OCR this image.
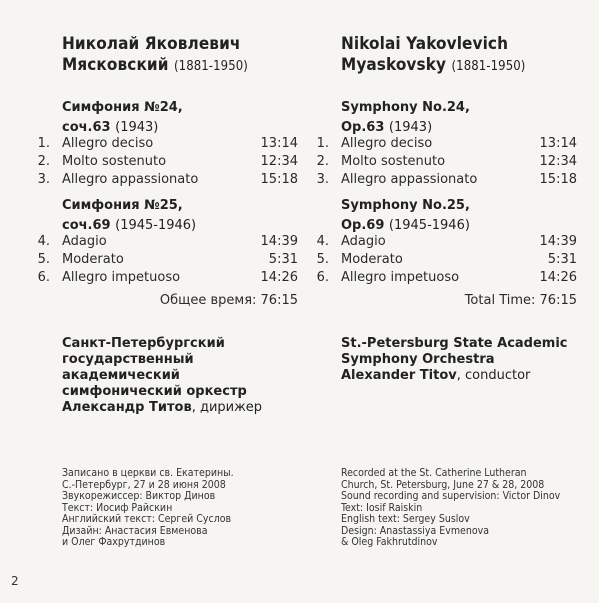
Николай Яковлевич
Мясковский (1881-1950)
Симфония №24,
соч.63 (1943)
1. Allegro deciso	13:14
2. Molto sostenuto	12:34
3. Allegro appassionato	15:18
Симфония №25,
соч.69 (1945-1946)
4. Adagio	14:39
5. Moderato	5:31
6. Allegro impetuoso	14:26
Общее время: 76:15
Санкт-Петербургский
государственный академический
симфонический оркестр
Александр Титов, дирижер
Записано в церкви св. Екатерины.
С.-Петербург, 27 и 28 июня 2008
Звукорежиссер: Виктор Динов
Текст: Иосиф Райскин
Английский текст: Сергей Суслов
Дизайн: Анастасия Евменова
и Олег Фахрутдинов
Nikolai Yakovlevich
Myaskovsky (1881-1950)
Symphony No.24,
Op.63 (1943)
1. Allegro deciso	13:14
2. Molto sostenuto	12:34
3. Allegro appassionato	15:18
Symphony No.25,
Op.69 (1945-1946)
4. Adagio	14:39
5. Moderato	5:31
6. Allegro impetuoso	14:26
Total Time: 76:15
St.-Petersburg State Academic
Symphony Orchestra
Alexander Titov, conductor
Recorded at the St. Catherine Lutheran
Church, St. Petersburg, June 27 & 28, 2008
Sound recording and supervision: Victor Dinov
Text: Iosif Raiskin
English text: Sergey Suslov
Design: Anastassiya Evmenova
& Oleg Fakhrutdinov
2
